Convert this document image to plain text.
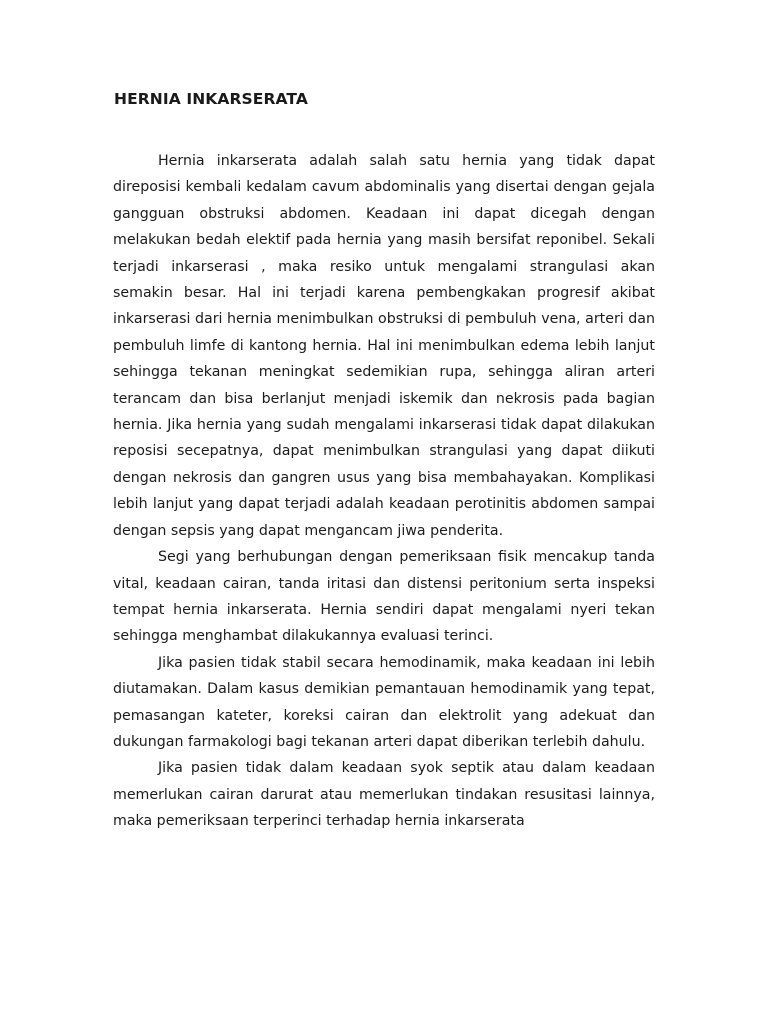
HERNIA INKARSERATA

Hernia inkarserata adalah salah satu hernia yang tidak dapat direposisi kembali kedalam cavum abdominalis yang disertai dengan gejala gangguan obstruksi abdomen. Keadaan ini dapat dicegah dengan melakukan bedah elektif pada hernia yang masih bersifat reponibel. Sekali terjadi inkarserasi , maka resiko untuk mengalami strangulasi akan semakin besar. Hal ini terjadi karena pembengkakan progresif akibat inkarserasi dari hernia menimbulkan obstruksi di pembuluh vena, arteri dan pembuluh limfe di kantong hernia. Hal ini menimbulkan edema lebih lanjut sehingga tekanan meningkat sedemikian rupa, sehingga aliran arteri terancam dan bisa berlanjut menjadi iskemik dan nekrosis pada bagian hernia. Jika hernia yang sudah mengalami inkarserasi tidak dapat dilakukan reposisi secepatnya, dapat menimbulkan strangulasi yang dapat diikuti dengan nekrosis dan gangren usus yang bisa membahayakan. Komplikasi lebih lanjut yang dapat terjadi adalah keadaan perotinitis abdomen sampai dengan sepsis yang dapat mengancam jiwa penderita.

Segi yang berhubungan dengan pemeriksaan fisik mencakup tanda vital, keadaan cairan, tanda iritasi dan distensi peritonium serta inspeksi tempat hernia inkarserata. Hernia sendiri dapat mengalami nyeri tekan sehingga menghambat dilakukannya evaluasi terinci.

Jika pasien tidak stabil secara hemodinamik, maka keadaan ini lebih diutamakan. Dalam kasus demikian pemantauan hemodinamik yang tepat, pemasangan kateter, koreksi cairan dan elektrolit yang adekuat dan dukungan farmakologi bagi tekanan arteri dapat diberikan terlebih dahulu.

Jika pasien tidak dalam keadaan syok septik atau dalam keadaan memerlukan cairan darurat atau memerlukan tindakan resusitasi lainnya, maka pemeriksaan terperinci terhadap hernia inkarserata
